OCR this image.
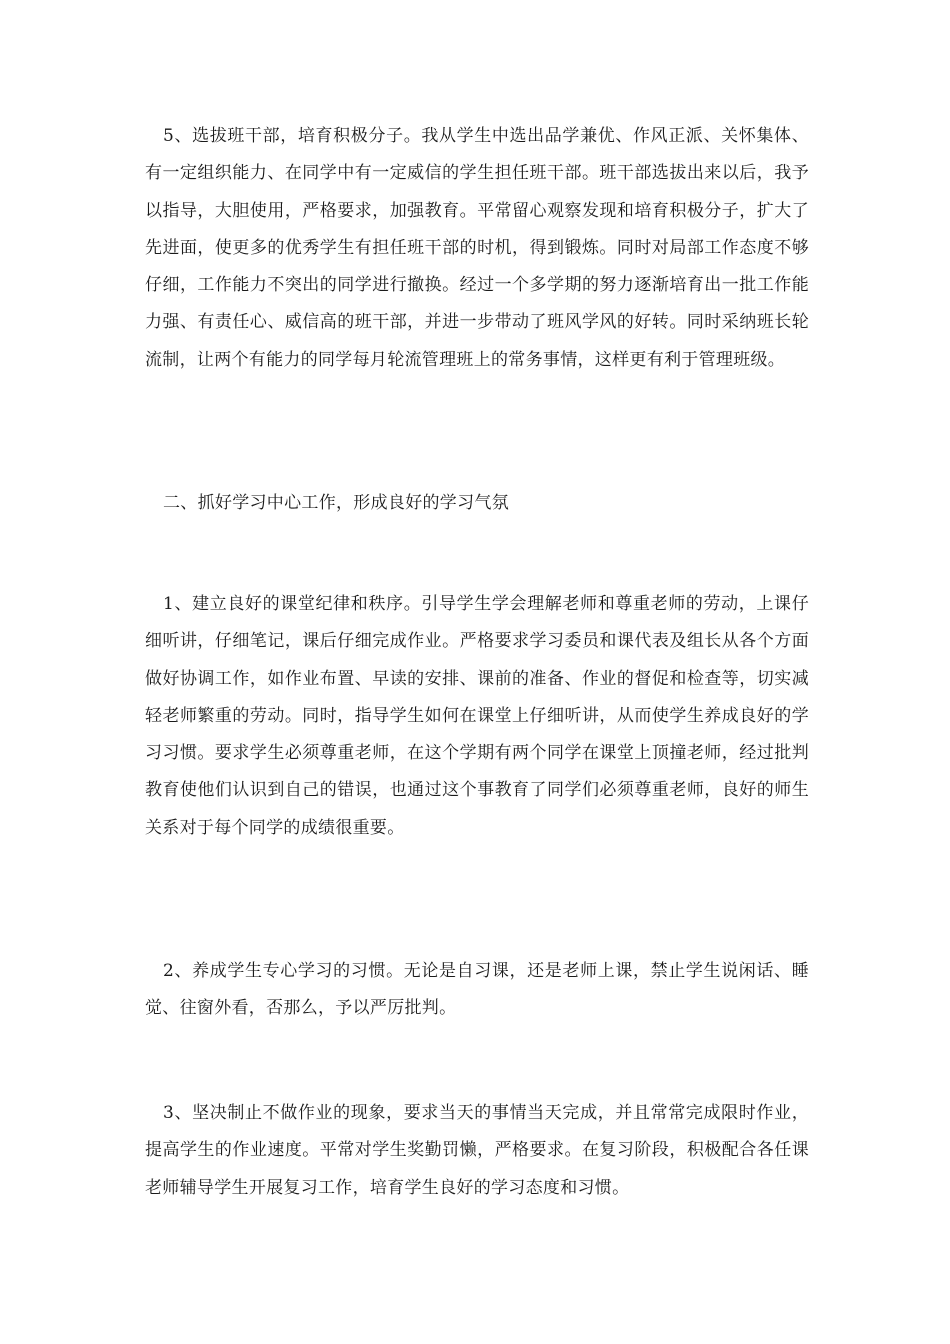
5、选拔班干部，培育积极分子。我从学生中选出品学兼优、作风正派、关怀集体、有一定组织能力、在同学中有一定威信的学生担任班干部。班干部选拔出来以后，我予以指导，大胆使用，严格要求，加强教育。平常留心观察发现和培育积极分子，扩大了先进面，使更多的优秀学生有担任班干部的时机，得到锻炼。同时对局部工作态度不够仔细，工作能力不突出的同学进行撤换。经过一个多学期的努力逐渐培育出一批工作能力强、有责任心、威信高的班干部，并进一步带动了班风学风的好转。同时采纳班长轮流制，让两个有能力的同学每月轮流管理班上的常务事情，这样更有利于管理班级。

二、抓好学习中心工作，形成良好的学习气氛

1、建立良好的课堂纪律和秩序。引导学生学会理解老师和尊重老师的劳动，上课仔细听讲，仔细笔记，课后仔细完成作业。严格要求学习委员和课代表及组长从各个方面做好协调工作，如作业布置、早读的安排、课前的准备、作业的督促和检查等，切实减轻老师繁重的劳动。同时，指导学生如何在课堂上仔细听讲，从而使学生养成良好的学习习惯。要求学生必须尊重老师，在这个学期有两个同学在课堂上顶撞老师，经过批判教育使他们认识到自己的错误，也通过这个事教育了同学们必须尊重老师，良好的师生关系对于每个同学的成绩很重要。

2、养成学生专心学习的习惯。无论是自习课，还是老师上课，禁止学生说闲话、睡觉、往窗外看，否那么，予以严厉批判。

3、坚决制止不做作业的现象，要求当天的事情当天完成，并且常常完成限时作业，提高学生的作业速度。平常对学生奖勤罚懒，严格要求。在复习阶段，积极配合各任课老师辅导学生开展复习工作，培育学生良好的学习态度和习惯。
